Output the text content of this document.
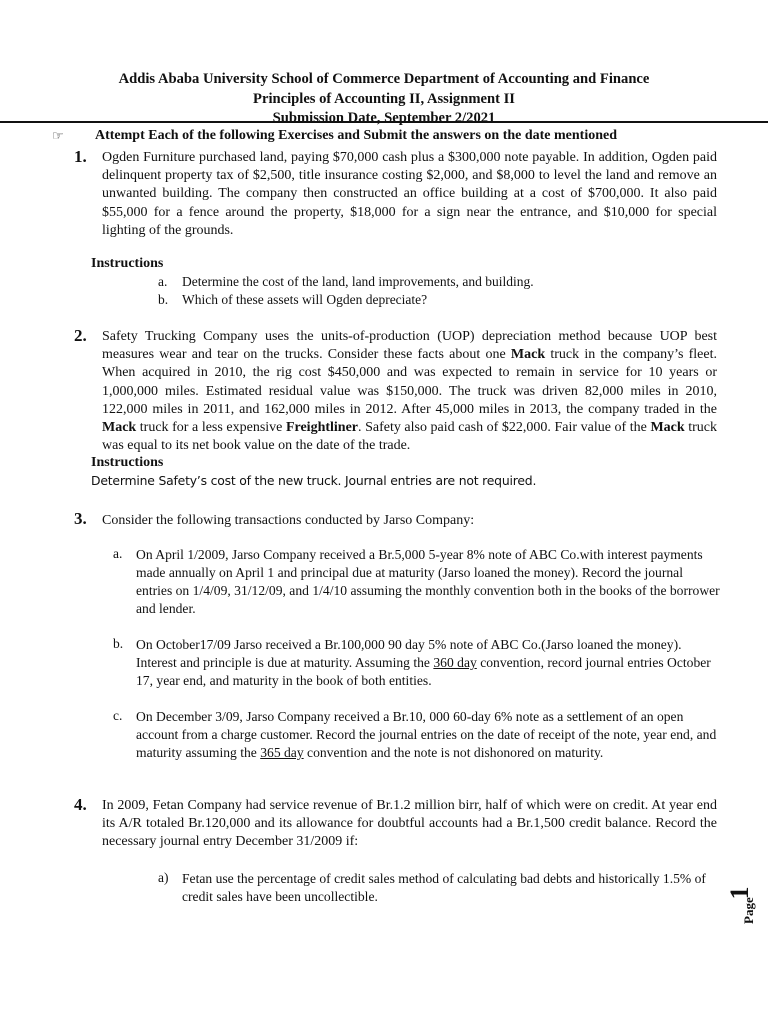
Addis Ababa University School of Commerce Department of Accounting and Finance
Principles of Accounting II, Assignment II
Submission Date, September 2/2021
☞ Attempt Each of the following Exercises and Submit the answers on the date mentioned
1. Ogden Furniture purchased land, paying $70,000 cash plus a $300,000 note payable. In addition, Ogden paid delinquent property tax of $2,500, title insurance costing $2,000, and $8,000 to level the land and remove an unwanted building. The company then constructed an office building at a cost of $700,000. It also paid $55,000 for a fence around the property, $18,000 for a sign near the entrance, and $10,000 for special lighting of the grounds.
Instructions
a. Determine the cost of the land, land improvements, and building.
b. Which of these assets will Ogden depreciate?
2. Safety Trucking Company uses the units-of-production (UOP) depreciation method because UOP best measures wear and tear on the trucks. Consider these facts about one Mack truck in the company’s fleet. When acquired in 2010, the rig cost $450,000 and was expected to remain in service for 10 years or 1,000,000 miles. Estimated residual value was $150,000. The truck was driven 82,000 miles in 2010, 122,000 miles in 2011, and 162,000 miles in 2012. After 45,000 miles in 2013, the company traded in the Mack truck for a less expensive Freightliner. Safety also paid cash of $22,000. Fair value of the Mack truck was equal to its net book value on the date of the trade.
Instructions
Determine Safety’s cost of the new truck. Journal entries are not required.
3. Consider the following transactions conducted by Jarso Company:
a. On April 1/2009, Jarso Company received a Br.5,000 5-year 8% note of ABC Co.with interest payments made annually on April 1 and principal due at maturity (Jarso loaned the money). Record the journal entries on 1/4/09, 31/12/09, and 1/4/10 assuming the monthly convention both in the books of the borrower and lender.
b. On October17/09 Jarso received a Br.100,000 90 day 5% note of ABC Co.(Jarso loaned the money). Interest and principle is due at maturity. Assuming the 360 day convention, record journal entries October 17, year end, and maturity in the book of both entities.
c. On December 3/09, Jarso Company received a Br.10, 000 60-day 6% note as a settlement of an open account from a charge customer. Record the journal entries on the date of receipt of the note, year end, and maturity assuming the 365 day convention and the note is not dishonored on maturity.
4. In 2009, Fetan Company had service revenue of Br.1.2 million birr, half of which were on credit. At year end its A/R totaled Br.120,000 and its allowance for doubtful accounts had a Br.1,500 credit balance. Record the necessary journal entry December 31/2009 if:
a) Fetan use the percentage of credit sales method of calculating bad debts and historically 1.5% of credit sales have been uncollectible.
Page
1
